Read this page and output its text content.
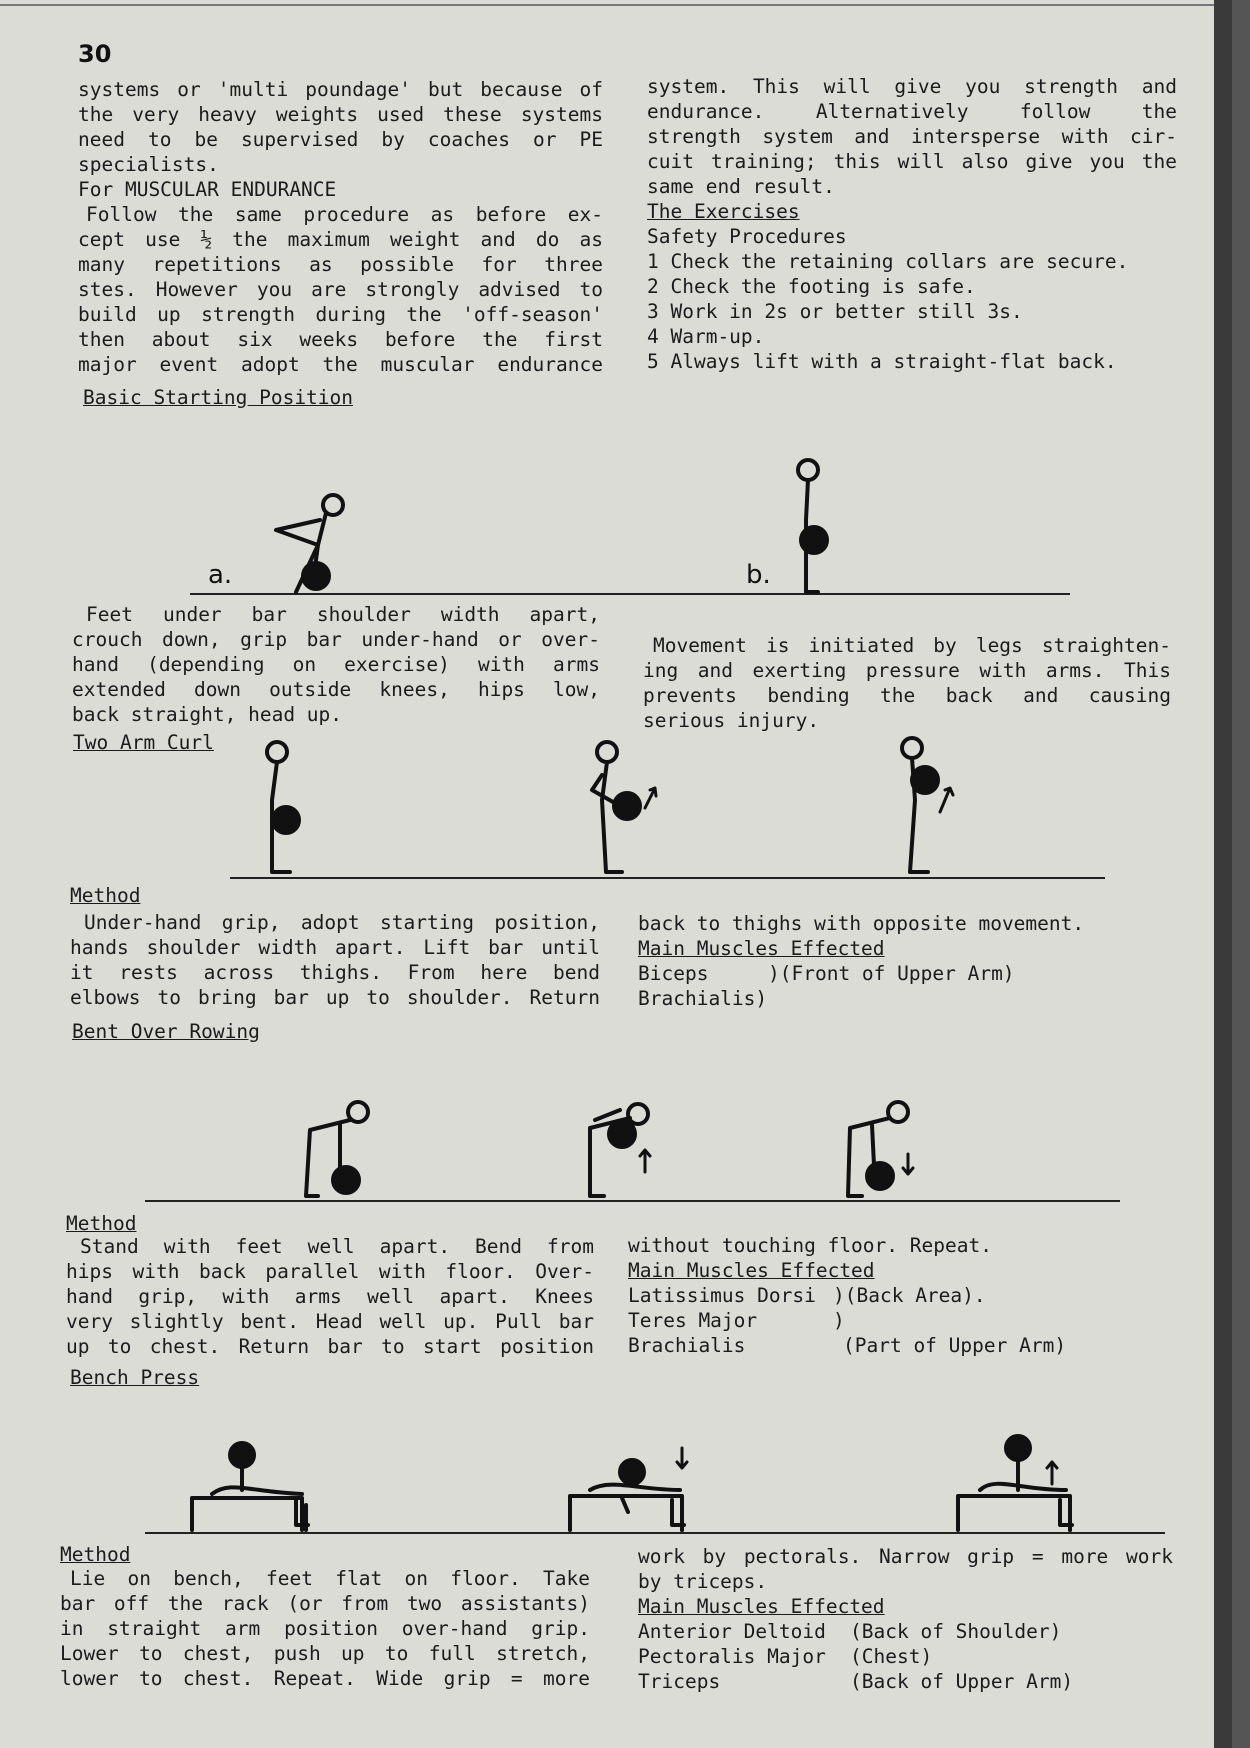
30
systems or 'multi poundage' but because of
the very heavy weights used these systems
need to be supervised by coaches or PE
specialists.
For MUSCULAR ENDURANCE
Follow the same procedure as before ex-
cept use ½ the maximum weight and do as
many repetitions as possible for three
stes. However you are strongly advised to
build up strength during the 'off-season'
then about six weeks before the first
major event adopt the muscular endurance
system. This will give you strength and
endurance. Alternatively follow the
strength system and intersperse with cir-
cuit training; this will also give you the
same end result.
The Exercises
Safety Procedures
1 Check the retaining collars are secure.
2 Check the footing is safe.
3 Work in 2s or better still 3s.
4 Warm-up.
5 Always lift with a straight-flat back.
Basic Starting Position
a.	b.
Feet under bar shoulder width apart,
crouch down, grip bar under-hand or over-
hand (depending on exercise) with arms
extended down outside knees, hips low,
back straight, head up.
Movement is initiated by legs straighten-
ing and exerting pressure with arms. This
prevents bending the back and causing
serious injury.
Two Arm Curl
Method
Under-hand grip, adopt starting position,
hands shoulder width apart. Lift bar until
it rests across thighs. From here bend
elbows to bring bar up to shoulder. Return
back to thighs with opposite movement.
Main Muscles Effected
Biceps	)(Front of Upper Arm)
Brachialis)
Bent Over Rowing
Method
Stand with feet well apart. Bend from
hips with back parallel with floor. Over-
hand grip, with arms well apart. Knees
very slightly bent. Head well up. Pull bar
up to chest. Return bar to start position
without touching floor. Repeat.
Main Muscles Effected
Latissimus Dorsi )(Back Area).
Teres Major	)
Brachialis	(Part of Upper Arm)
Bench Press
Method
Lie on bench, feet flat on floor. Take
bar off the rack (or from two assistants)
in straight arm position over-hand grip.
Lower to chest, push up to full stretch,
lower to chest. Repeat. Wide grip = more
work by pectorals. Narrow grip = more work
by triceps.
Main Muscles Effected
Anterior Deltoid (Back of Shoulder)
Pectoralis Major (Chest)
Triceps	(Back of Upper Arm)
